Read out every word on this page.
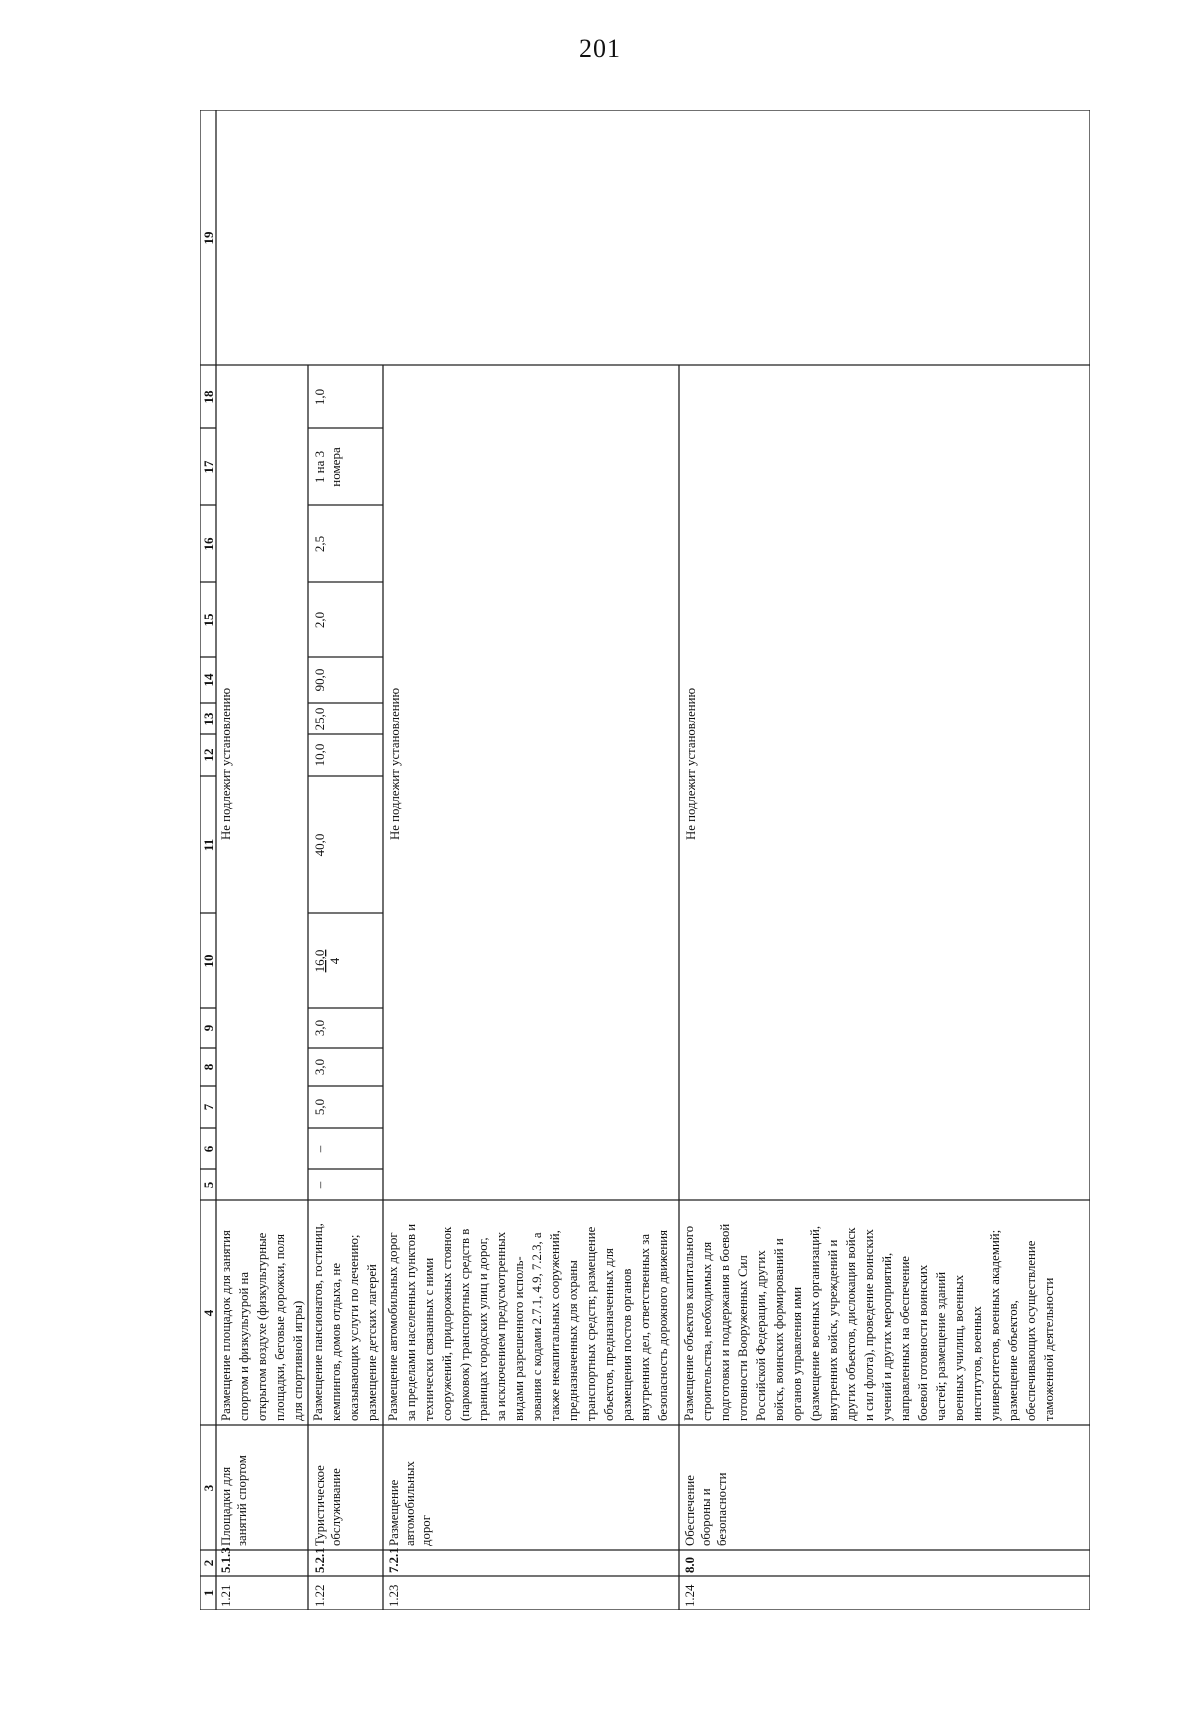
201
1
2
3
4
5
6
7
8
9
10
11
12
13
14
15
16
17
18
19
1.21
5.1.3
Площадки для занятий спортом
Размещение площадок для занятия спортом и физкультурой на открытом воздухе (физкультурные площадки, беговые дорожки, поля для спортивной игры)
Не подлежит установлению
1.22
5.2.1
Туристическое обслуживание
Размещение пансионатов, гостиниц, кемпингов, домов отдыха, не оказывающих услуги по лечению; размещение детских лагерей
–
–
5,0
3,0
3,0
16,0 4
40,0
10,0
25,0
90,0
2,0
2,5
1 на 3 номера
1,0
1.23
7.2.1
Размещение автомобильных дорог
Размещение автомобильных дорог за пределами населенных пунктов и технически связанных с ними сооружений, придорожных стоянок (парковок) транспортных средств в границах городских улиц и дорог, за исключением предусмотренных видами разрешенного исполь- зования с кодами 2.7.1, 4.9, 7.2.3, а также некапитальных сооружений, предназначенных для охраны транспортных средств; размещение объектов, предназначенных для размещения постов органов внутренних дел, ответственных за безопасность дорожного движения
Не подлежит установлению
1.24
8.0
Обеспечение обороны и безопасности
Размещение объектов капитального строительства, необходимых для подготовки и поддержания в боевой готовности Вооруженных Сил Российской Федерации, других войск, воинских формирований и органов управления ими (размещение военных организаций, внутренних войск, учреждений и других объектов, дислокация войск и сил флота), проведение воинских учений и других мероприятий, направленных на обеспечение боевой готовности воинских частей; размещение зданий военных училищ, военных институтов, военных университетов, военных академий; размещение объектов, обеспечивающих осуществление таможенной деятельности
Не подлежит установлению
